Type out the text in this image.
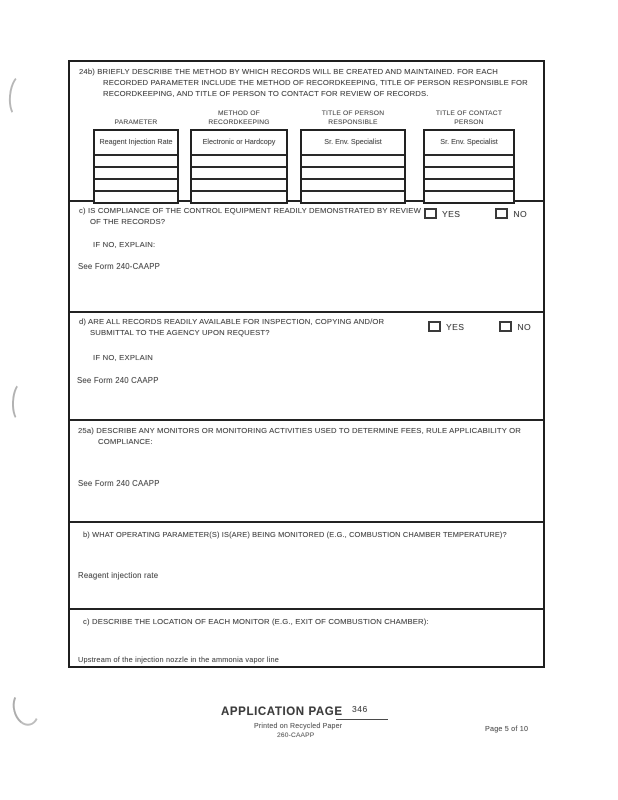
24b) BRIEFLY DESCRIBE THE METHOD BY WHICH RECORDS WILL BE CREATED AND MAINTAINED. FOR EACH RECORDED PARAMETER INCLUDE THE METHOD OF RECORDKEEPING, TITLE OF PERSON RESPONSIBLE FOR RECORDKEEPING, AND TITLE OF PERSON TO CONTACT FOR REVIEW OF RECORDS.
PARAMETER
Reagent Injection Rate
METHOD OF RECORDKEEPING
Electronic or Hardcopy
TITLE OF PERSON RESPONSIBLE
Sr. Env. Specialist
TITLE OF CONTACT PERSON
Sr. Env. Specialist
c) IS COMPLIANCE OF THE CONTROL EQUIPMENT READILY DEMONSTRATED BY REVIEW OF THE RECORDS?
YES	NO
IF NO, EXPLAIN:
See Form 240-CAAPP
d) ARE ALL RECORDS READILY AVAILABLE FOR INSPECTION, COPYING AND/OR SUBMITTAL TO THE AGENCY UPON REQUEST?
YES	NO
IF NO, EXPLAIN
See Form 240 CAAPP
25a) DESCRIBE ANY MONITORS OR MONITORING ACTIVITIES USED TO DETERMINE FEES, RULE APPLICABILITY OR COMPLIANCE:
See Form 240 CAAPP
b) WHAT OPERATING PARAMETER(S) IS(ARE) BEING MONITORED (E.G., COMBUSTION CHAMBER TEMPERATURE)?
Reagent injection rate
c) DESCRIBE THE LOCATION OF EACH MONITOR (E.G., EXIT OF COMBUSTION CHAMBER):
Upstream of the injection nozzle in the ammonia vapor line
APPLICATION PAGE 346
Printed on Recycled Paper
260-CAAPP
Page 5 of 10
